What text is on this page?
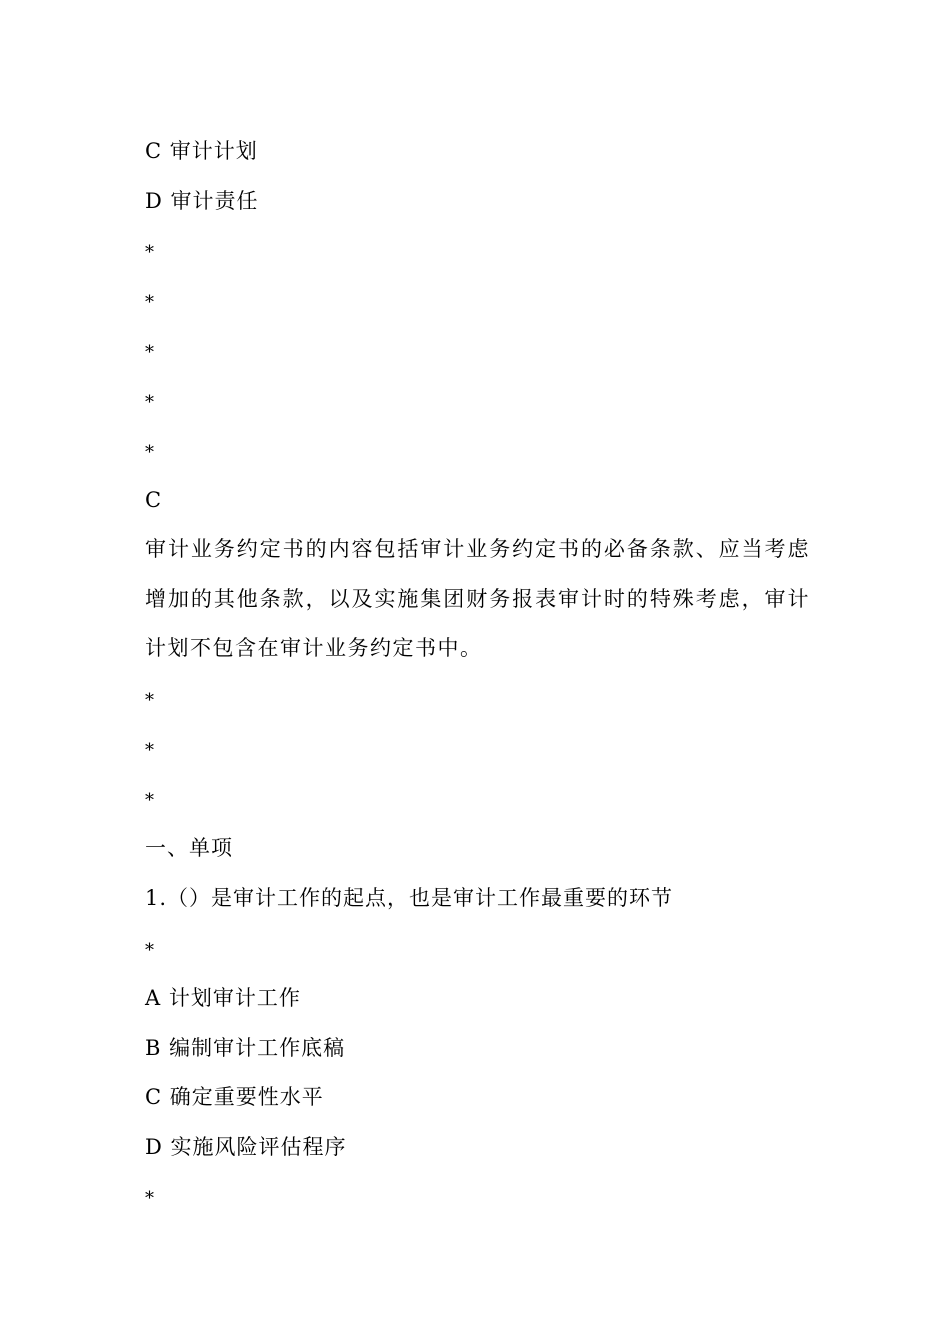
C 审计计划
D 审计责任
*
*
*
*
*
C
审计业务约定书的内容包括审计业务约定书的必备条款、应当考虑增加的其他条款，以及实施集团财务报表审计时的特殊考虑，审计计划不包含在审计业务约定书中。
*
*
*
一、单项
1.（）是审计工作的起点，也是审计工作最重要的环节
*
A 计划审计工作
B 编制审计工作底稿
C 确定重要性水平
D 实施风险评估程序
*
